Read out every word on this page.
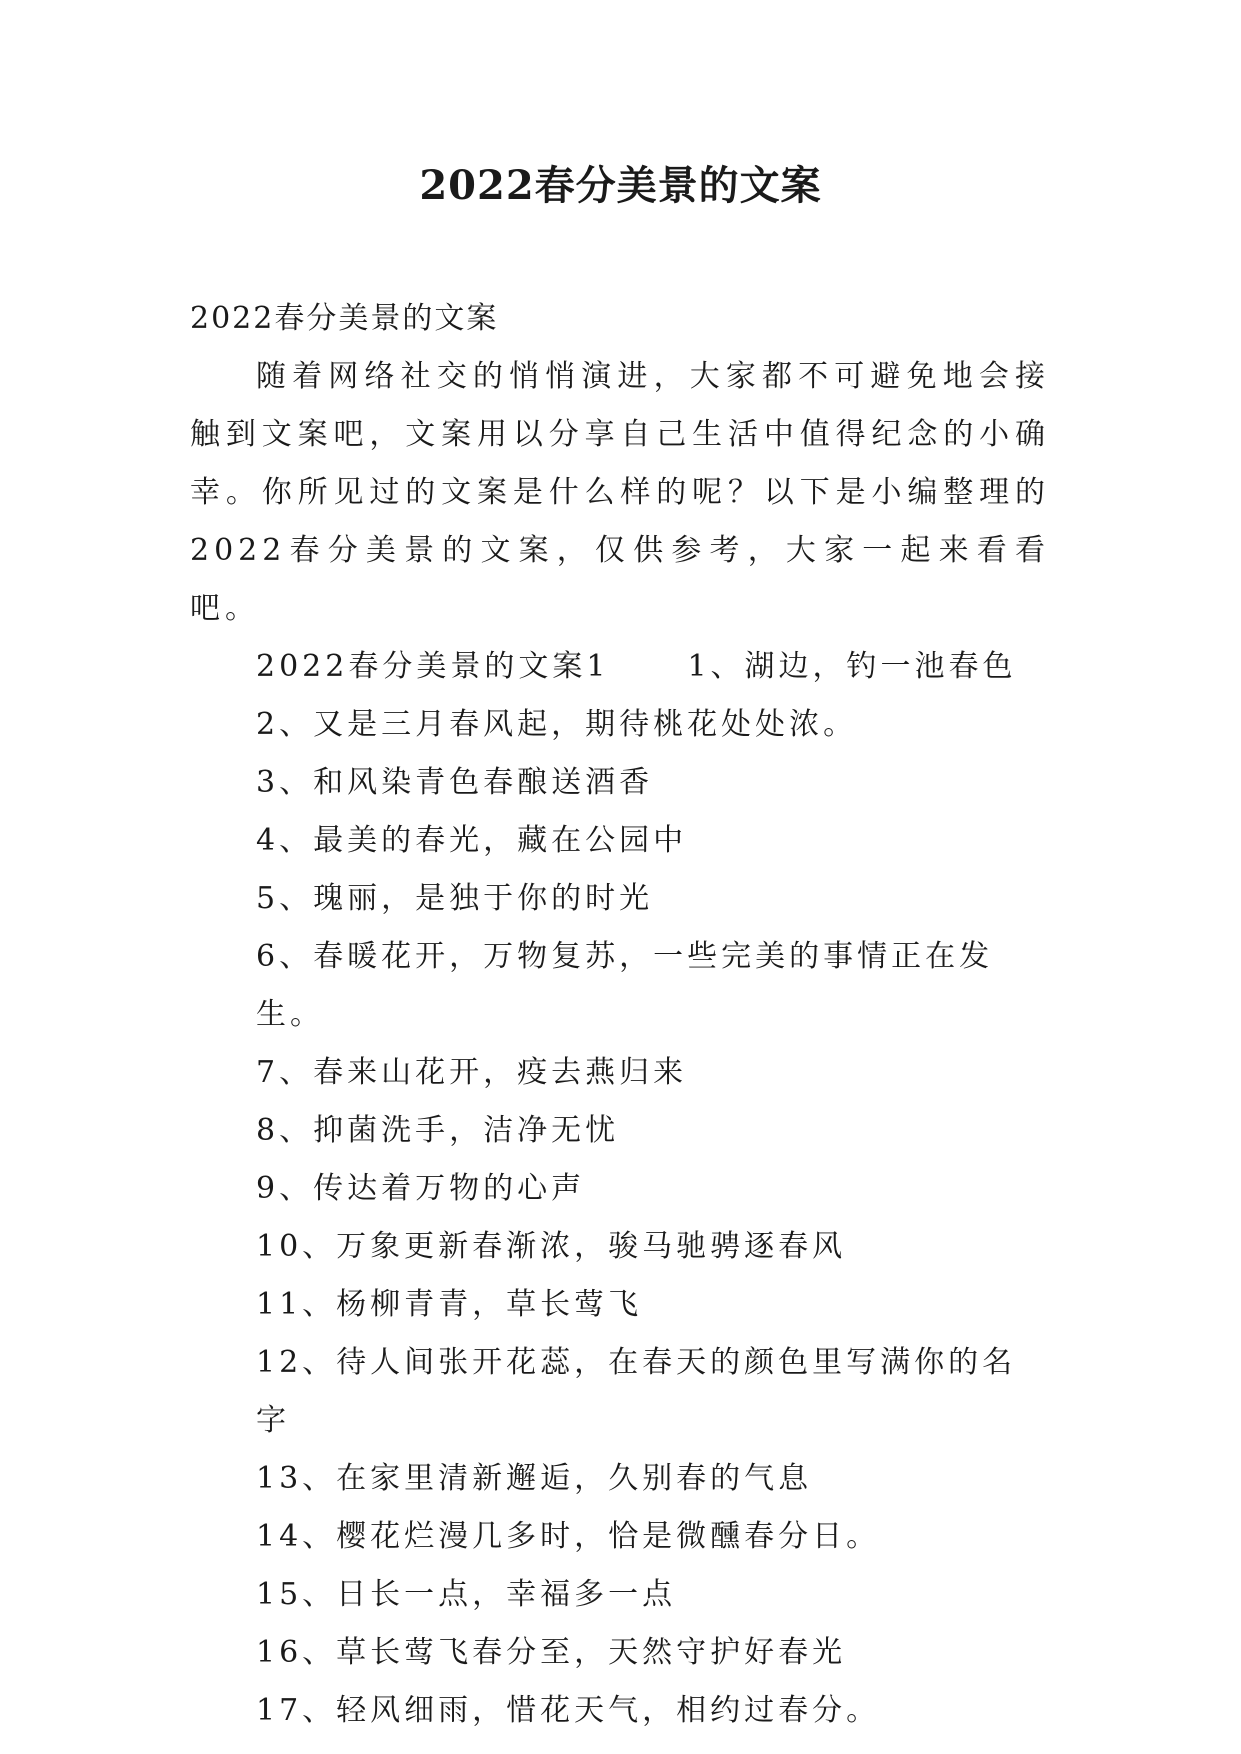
2022春分美景的文案

2022春分美景的文案

随着网络社交的悄悄演进，大家都不可避免地会接触到文案吧，文案用以分享自己生活中值得纪念的小确幸。你所见过的文案是什么样的呢？以下是小编整理的2022春分美景的文案，仅供参考，大家一起来看看吧。

2022春分美景的文案1	1、湖边，钓一池春色

2、又是三月春风起，期待桃花处处浓。

3、和风染青色春酿送酒香

4、最美的春光，藏在公园中

5、瑰丽，是独于你的时光

6、春暖花开，万物复苏，一些完美的事情正在发生。

7、春来山花开，疫去燕归来

8、抑菌洗手，洁净无忧

9、传达着万物的心声

10、万象更新春渐浓，骏马驰骋逐春风

11、杨柳青青，草长莺飞

12、待人间张开花蕊，在春天的颜色里写满你的名字

13、在家里清新邂逅，久别春的气息

14、樱花烂漫几多时，恰是微醺春分日。

15、日长一点，幸福多一点

16、草长莺飞春分至，天然守护好春光

17、轻风细雨，惜花天气，相约过春分。
